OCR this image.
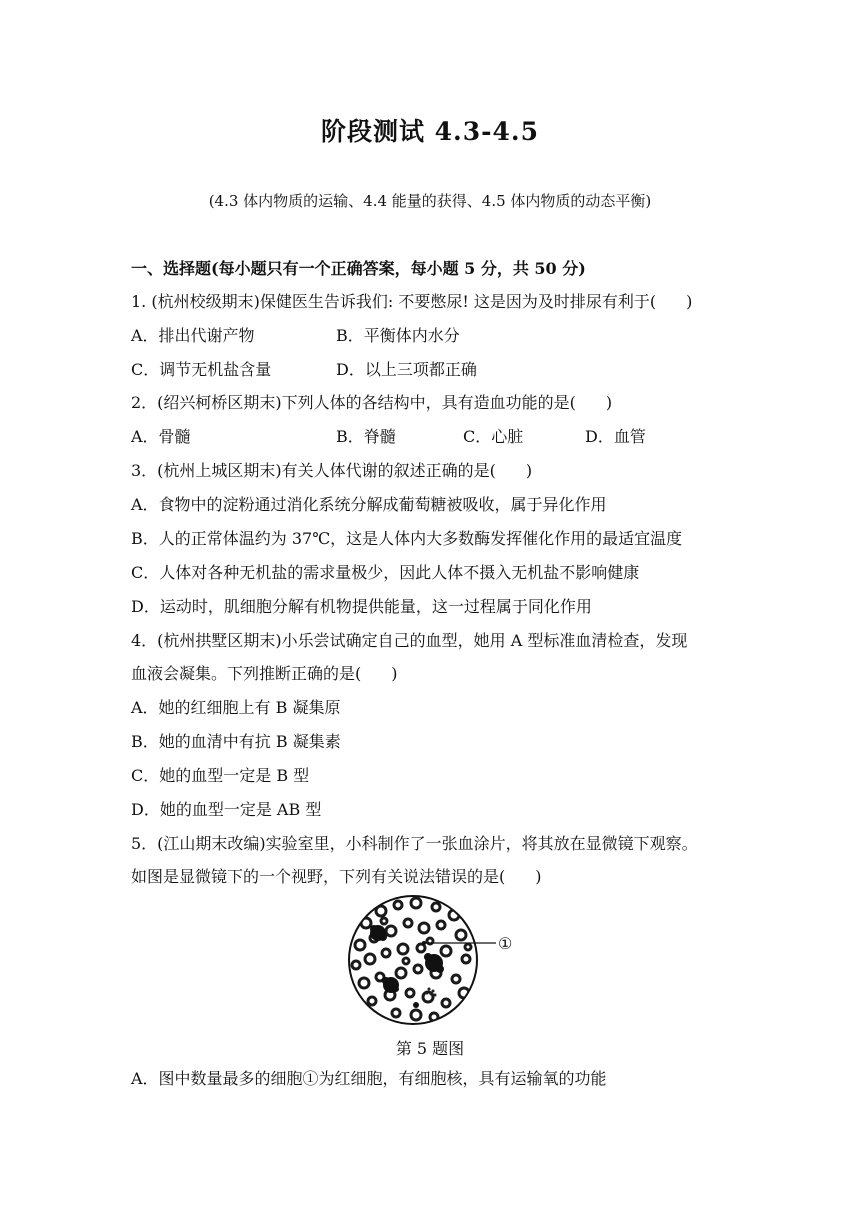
阶段测试 4.3-4.5
(4.3 体内物质的运输、4.4 能量的获得、4.5 体内物质的动态平衡)
一、选择题(每小题只有一个正确答案，每小题 5 分，共 50 分)
1. (杭州校级期末)保健医生告诉我们: 不要憋尿! 这是因为及时排尿有利于( )
A．排出代谢产物	B．平衡体内水分
C．调节无机盐含量	D．以上三项都正确
2．(绍兴柯桥区期末)下列人体的各结构中，具有造血功能的是( )
A．骨髓	B．脊髓	C．心脏	D．血管
3．(杭州上城区期末)有关人体代谢的叙述正确的是( )
A．食物中的淀粉通过消化系统分解成葡萄糖被吸收，属于异化作用
B．人的正常体温约为 37℃，这是人体内大多数酶发挥催化作用的最适宜温度
C．人体对各种无机盐的需求量极少，因此人体不摄入无机盐不影响健康
D．运动时，肌细胞分解有机物提供能量，这一过程属于同化作用
4．(杭州拱墅区期末)小乐尝试确定自己的血型，她用 A 型标准血清检查，发现
血液会凝集。下列推断正确的是( )
A．她的红细胞上有 B 凝集原
B．她的血清中有抗 B 凝集素
C．她的血型一定是 B 型
D．她的血型一定是 AB 型
5．(江山期末改编)实验室里，小科制作了一张血涂片，将其放在显微镜下观察。
如图是显微镜下的一个视野，下列有关说法错误的是( )
①
第 5 题图
A．图中数量最多的细胞①为红细胞，有细胞核，具有运输氧的功能
